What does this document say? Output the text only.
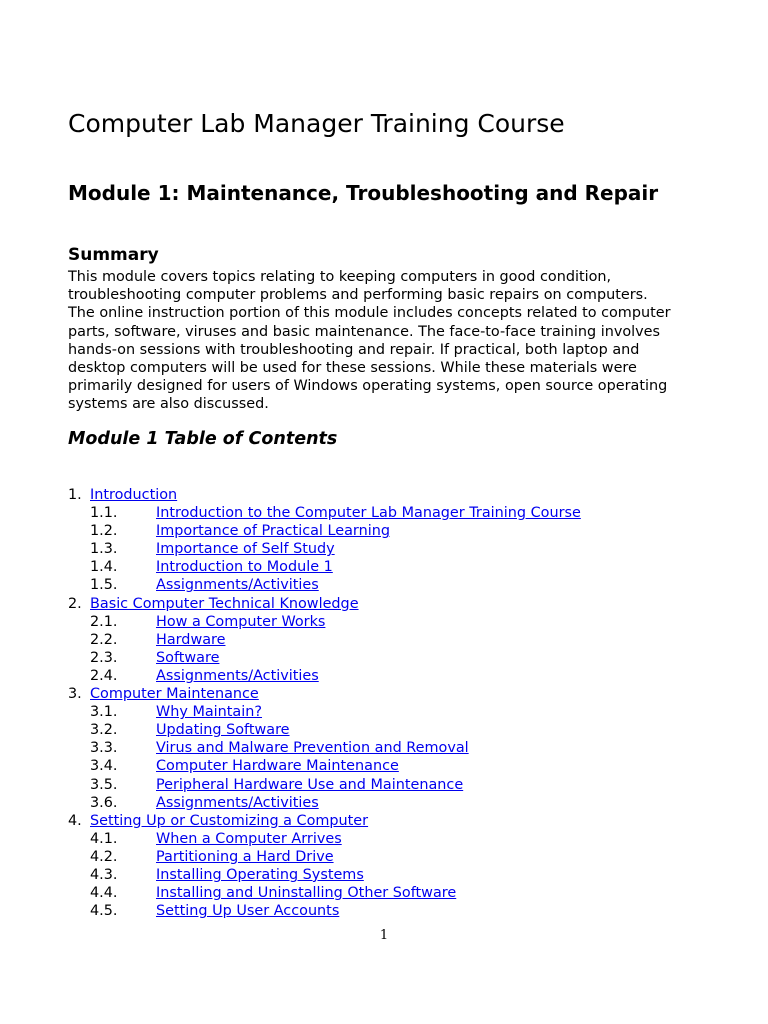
Computer Lab Manager Training Course
Module 1: Maintenance, Troubleshooting and Repair
Summary
This module covers topics relating to keeping computers in good condition,
troubleshooting computer problems and performing basic repairs on computers.
The online instruction portion of this module includes concepts related to computer
parts, software, viruses and basic maintenance. The face-to-face training involves
hands-on sessions with troubleshooting and repair. If practical, both laptop and
desktop computers will be used for these sessions. While these materials were
primarily designed for users of Windows operating systems, open source operating
systems are also discussed.
Module 1 Table of Contents
1. Introduction
1.1.	Introduction to the Computer Lab Manager Training Course
1.2.	Importance of Practical Learning
1.3.	Importance of Self Study
1.4.	Introduction to Module 1
1.5.	Assignments/Activities
2. Basic Computer Technical Knowledge
2.1.	How a Computer Works
2.2.	Hardware
2.3.	Software
2.4.	Assignments/Activities
3. Computer Maintenance
3.1.	Why Maintain?
3.2.	Updating Software
3.3.	Virus and Malware Prevention and Removal
3.4.	Computer Hardware Maintenance
3.5.	Peripheral Hardware Use and Maintenance
3.6.	Assignments/Activities
4. Setting Up or Customizing a Computer
4.1.	When a Computer Arrives
4.2.	Partitioning a Hard Drive
4.3.	Installing Operating Systems
4.4.	Installing and Uninstalling Other Software
4.5.	Setting Up User Accounts
1
